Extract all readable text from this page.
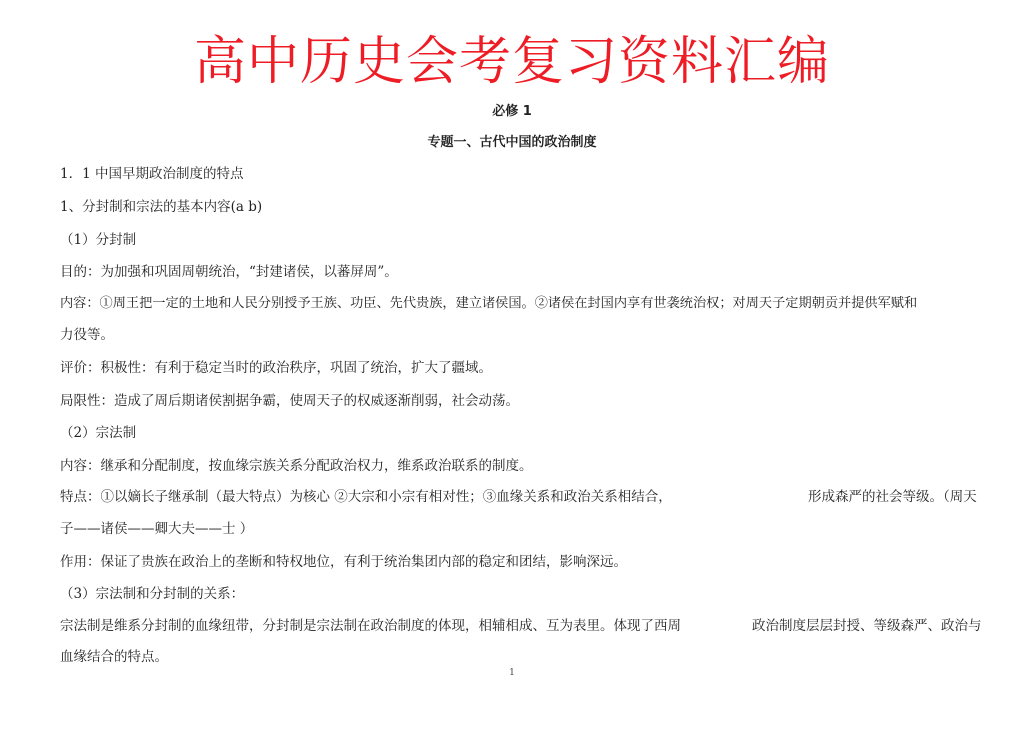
高中历史会考复习资料汇编
必修 1
专题一、古代中国的政治制度
1．1 中国早期政治制度的特点
1、分封制和宗法的基本内容(a b)
（1）分封制
目的：为加强和巩固周朝统治，“封建诸侯，以蕃屏周”。
内容：①周王把一定的土地和人民分别授予王族、功臣、先代贵族，建立诸侯国。②诸侯在封国内享有世袭统治权；对周天子定期朝贡并提供军赋和
力役等。
评价：积极性：有利于稳定当时的政治秩序，巩固了统治，扩大了疆域。
局限性：造成了周后期诸侯割据争霸，使周天子的权威逐渐削弱，社会动荡。
（2）宗法制
内容：继承和分配制度，按血缘宗族关系分配政治权力，维系政治联系的制度。
特点：①以嫡长子继承制（最大特点）为核心 ②大宗和小宗有相对性；③血缘关系和政治关系相结合，	形成森严的社会等级。（周天
子——诸侯——卿大夫——士 ）
作用：保证了贵族在政治上的垄断和特权地位，有利于统治集团内部的稳定和团结，影响深远。
（3）宗法制和分封制的关系：
宗法制是维系分封制的血缘纽带，分封制是宗法制在政治制度的体现，相辅相成、互为表里。体现了西周	政治制度层层封授、等级森严、政治与
血缘结合的特点。
1
